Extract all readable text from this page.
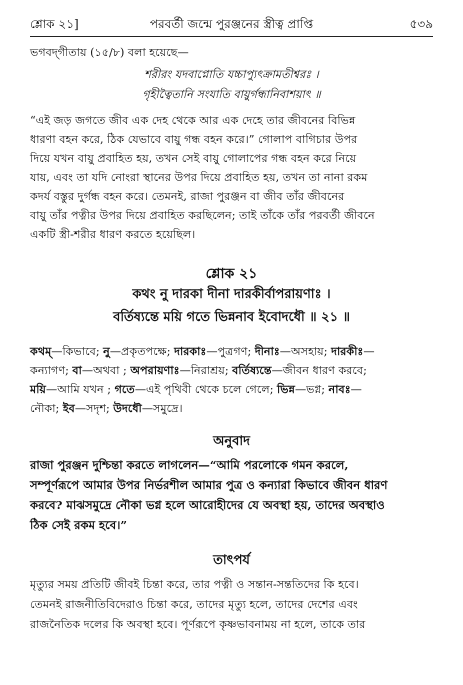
শ্লোক ২১]	পরবর্তী জন্মে পুরঞ্জনের স্ত্রীত্ব প্রাপ্তি	৫৩৯
ভগবদ্‌গীতায় (১৫/৮) বলা হয়েছে—
শরীরং যদবাপ্নোতি যচ্চাপ্যুৎক্রামতীশ্বরঃ ।
গৃহীত্বৈতানি সংযাতি বায়ুর্গন্ধানিবাশয়াৎ ॥
“এই জড় জগতে জীব এক দেহ থেকে আর এক দেহে তার জীবনের বিভিন্ন
ধারণা বহন করে, ঠিক যেভাবে বায়ু গন্ধ বহন করে।” গোলাপ বাগিচার উপর
দিয়ে যখন বায়ু প্রবাহিত হয়, তখন সেই বায়ু গোলাপের গন্ধ বহন করে নিয়ে
যায়, এবং তা যদি নোংরা স্থানের উপর দিয়ে প্রবাহিত হয়, তখন তা নানা রকম
কদর্য বস্তুর দুর্গন্ধ বহন করে। তেমনই, রাজা পুরঞ্জন বা জীব তাঁর জীবনের
বায়ু তাঁর পত্নীর উপর দিয়ে প্রবাহিত করছিলেন; তাই তাঁকে তাঁর পরবর্তী জীবনে
একটি স্ত্রী-শরীর ধারণ করতে হয়েছিল।
শ্লোক ২১
কথং নু দারকা দীনা দারকীর্বাপরায়ণাঃ ।
বর্তিষ্যন্তে ময়ি গতে ভিন্ননাব ইবোদধৌ ॥ ২১ ॥
কথম্—কিভাবে; নু—প্রকৃতপক্ষে; দারকাঃ—পুত্রগণ; দীনাঃ—অসহায়; দারকীঃ—
কন্যাগণ; বা—অথবা ; অপরায়ণাঃ—নিরাশ্রয়; বর্তিষ্যন্তে—জীবন ধারণ করবে;
ময়ি—আমি যখন ; গতে—এই পৃথিবী থেকে চলে গেলে; ভিন্ন—ভগ্ন; নাবঃ—
নৌকা; ইব—সদৃশ; উদধৌ—সমুদ্রে।
অনুবাদ
রাজা পুরঞ্জন দুশ্চিন্তা করতে লাগলেন—“আমি পরলোকে গমন করলে,
সম্পূর্ণরূপে আমার উপর নির্ভরশীল আমার পুত্র ও কন্যারা কিভাবে জীবন ধারণ
করবে? মাঝসমুদ্রে নৌকা ভগ্ন হলে আরোহীদের যে অবস্থা হয়, তাদের অবস্থাও
ঠিক সেই রকম হবে।”
তাৎপর্য
মৃত্যুর সময় প্রতিটি জীবই চিন্তা করে, তার পত্নী ও সন্তান-সন্ততিদের কি হবে।
তেমনই রাজনীতিবিদেরাও চিন্তা করে, তাদের মৃত্যু হলে, তাদের দেশের এবং
রাজনৈতিক দলের কি অবস্থা হবে। পূর্ণরূপে কৃষ্ণভাবনাময় না হলে, তাকে তার
